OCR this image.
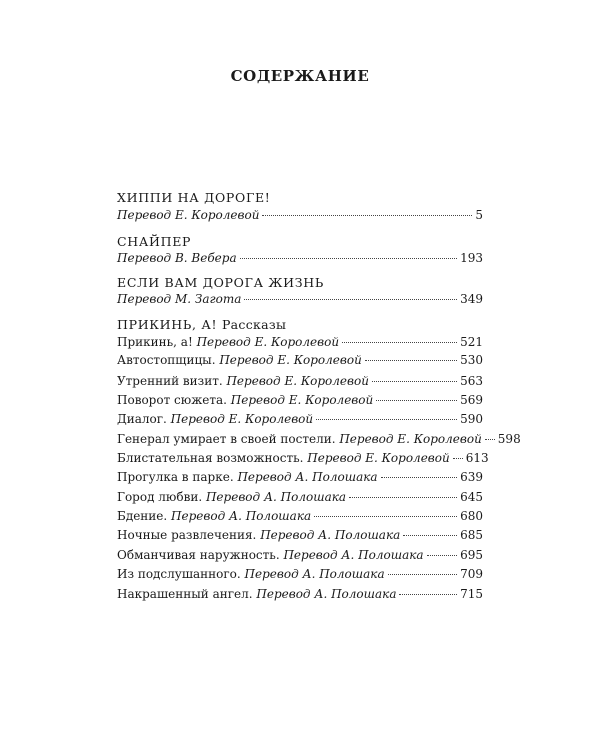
СОДЕРЖАНИЕ
ХИППИ НА ДОРОГЕ!
Перевод Е. Королевой	5
СНАЙПЕР
Перевод В. Вебера	193
ЕСЛИ ВАМ ДОРОГА ЖИЗНЬ
Перевод М. Загота	349
ПРИКИНЬ, А! Рассказы
Прикинь, а! Перевод Е. Королевой	521
Автостопщицы. Перевод Е. Королевой	530
Утренний визит. Перевод Е. Королевой	563
Поворот сюжета. Перевод Е. Королевой	569
Диалог. Перевод Е. Королевой	590
Генерал умирает в своей постели. Перевод Е. Королевой 598
Блистательная возможность. Перевод Е. Королевой 613
Прогулка в парке. Перевод А. Полошака	639
Город любви. Перевод А. Полошака	645
Бдение. Перевод А. Полошака	680
Ночные развлечения. Перевод А. Полошака	685
Обманчивая наружность. Перевод А. Полошака	695
Из подслушанного. Перевод А. Полошака	709
Накрашенный ангел. Перевод А. Полошака	715
